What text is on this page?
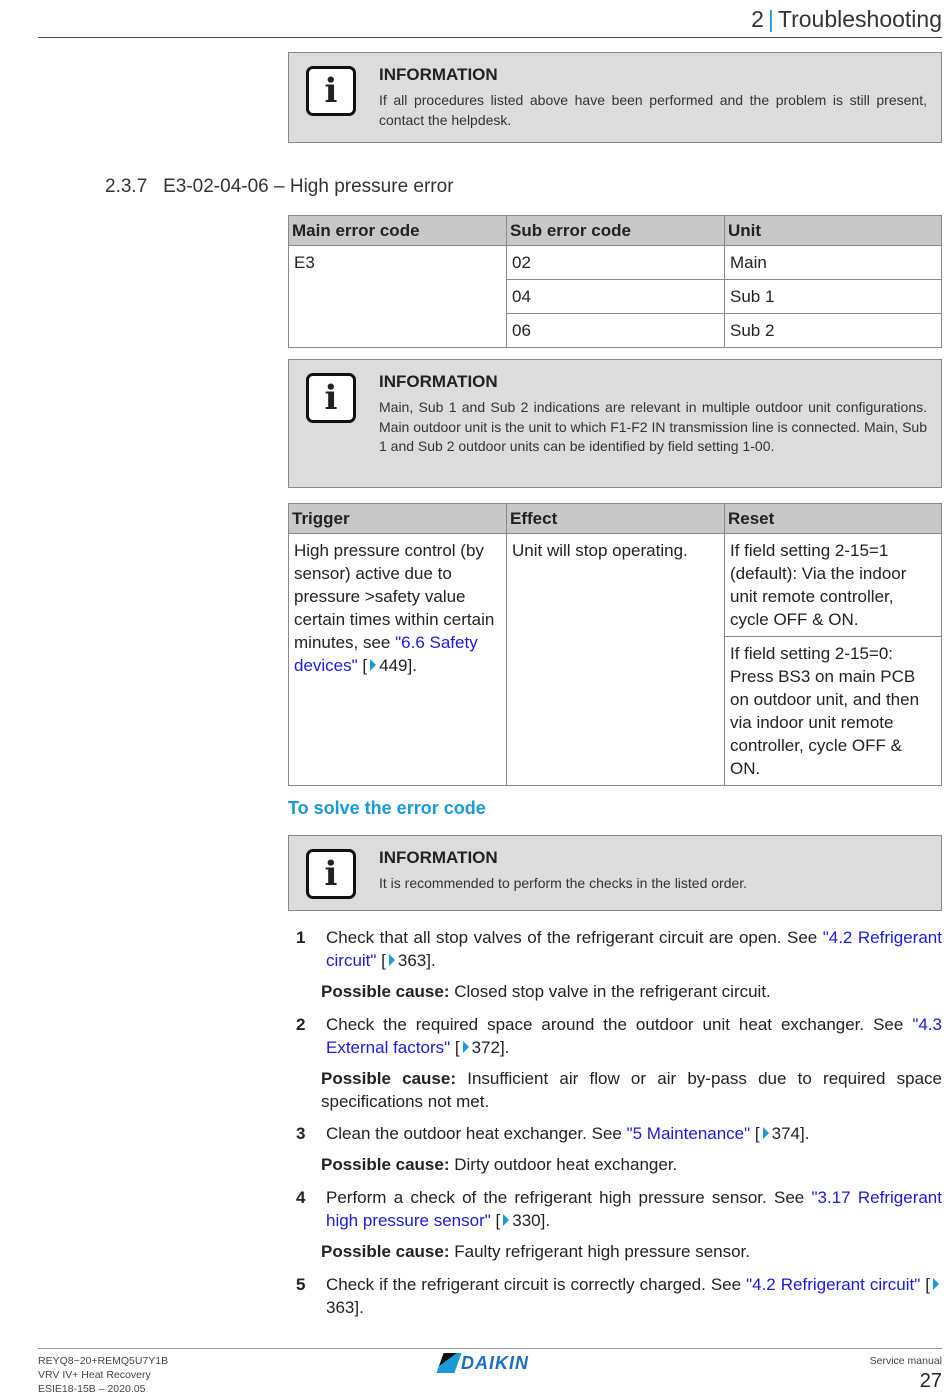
2 | Troubleshooting
i	INFORMATION

If all procedures listed above have been performed and the problem is still present, contact the helpdesk.

2.3.7 E3-02-04-06 – High pressure error
Main error code	Sub error code	Unit
E3	02	Main
	04	Sub 1
	06	Sub 2
i	INFORMATION

Main, Sub 1 and Sub 2 indications are relevant in multiple outdoor unit configurations. Main outdoor unit is the unit to which F1-F2 IN transmission line is connected. Main, Sub 1 and Sub 2 outdoor units can be identified by field setting 1-00.

Trigger	Effect	Reset
High pressure control (by sensor) active due to pressure >safety value certain times within certain minutes, see "6.6 Safety devices" [ 449].	Unit will stop operating.	If field setting 2-15=1 (default): Via the indoor unit remote controller, cycle OFF & ON.
		If field setting 2-15=0: Press BS3 on main PCB on outdoor unit, and then via indoor unit remote controller, cycle OFF & ON.
To solve the error code
i	INFORMATION

It is recommended to perform the checks in the listed order.

1 Check that all stop valves of the refrigerant circuit are open. See "4.2 Refrigerant circuit" [ 363].
Possible cause: Closed stop valve in the refrigerant circuit.
2 Check the required space around the outdoor unit heat exchanger. See "4.3 External factors" [ 372].
Possible cause: Insufficient air flow or air by-pass due to required space specifications not met.
3 Clean the outdoor heat exchanger. See "5 Maintenance" [ 374].
Possible cause: Dirty outdoor heat exchanger.
4 Perform a check of the refrigerant high pressure sensor. See "3.17 Refrigerant high pressure sensor" [ 330].
Possible cause: Faulty refrigerant high pressure sensor.
5 Check if the refrigerant circuit is correctly charged. See "4.2 Refrigerant circuit" [363].
REYQ8~20+REMQ5U7Y1B
VRV IV+ Heat Recovery
ESIE18-15B – 2020.05
DAIKIN	Service manual
27
